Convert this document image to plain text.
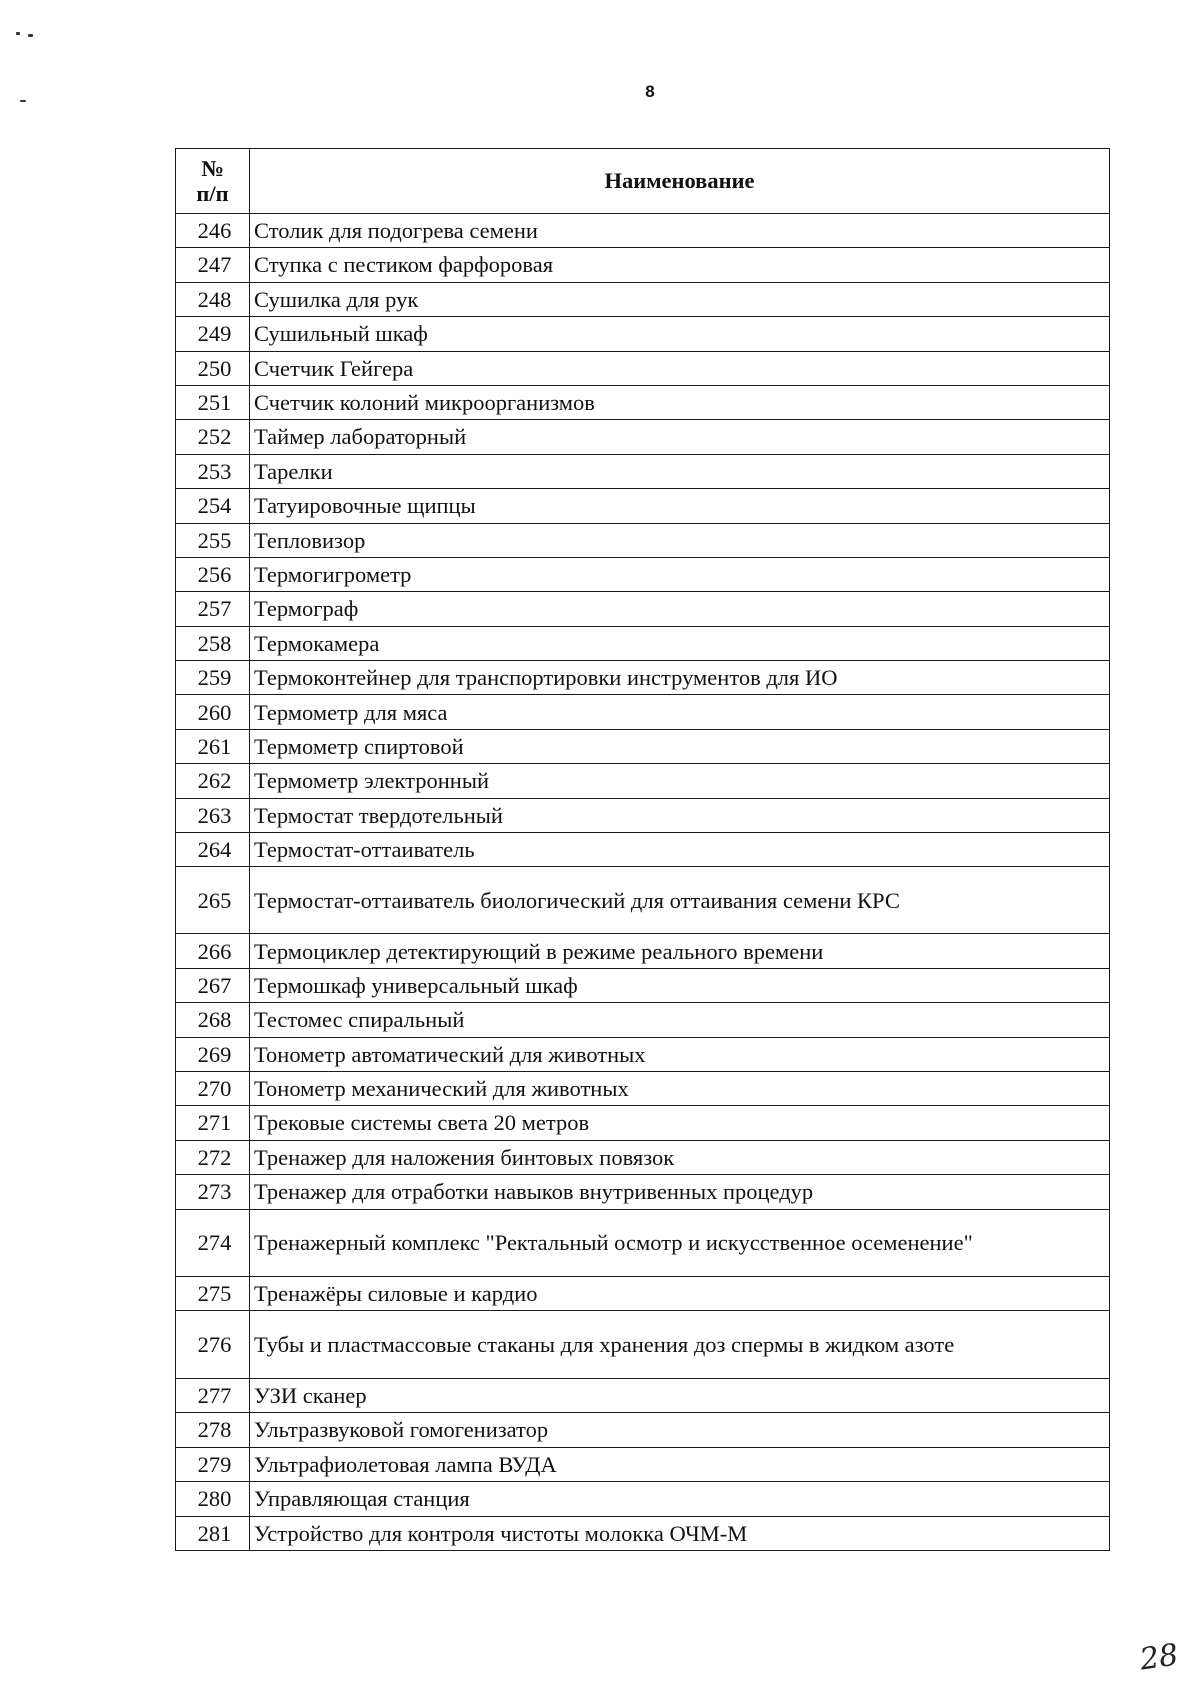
8
№
п/п	Наименование
246	Столик для подогрева семени
247	Ступка с пестиком фарфоровая
248	Сушилка для рук
249	Сушильный шкаф
250	Счетчик Гейгера
251	Счетчик колоний микроорганизмов
252	Таймер лабораторный
253	Тарелки
254	Татуировочные щипцы
255	Тепловизор
256	Термогигрометр
257	Термограф
258	Термокамера
259	Термоконтейнер для транспортировки инструментов для ИО
260	Термометр для мяса
261	Термометр спиртовой
262	Термометр электронный
263	Термостат твердотельный
264	Термостат-оттаиватель
265	Термостат-оттаиватель биологический для оттаивания семени КРС
266	Термоциклер детектирующий в режиме реального времени
267	Термошкаф универсальный шкаф
268	Тестомес спиральный
269	Тонометр автоматический для животных
270	Тонометр механический для животных
271	Трековые системы света 20 метров
272	Тренажер для наложения бинтовых повязок
273	Тренажер для отработки навыков внутривенных процедур
274	Тренажерный комплекс "Ректальный осмотр и искусственное осеменение"
275	Тренажёры силовые и кардио
276	Тубы и пластмассовые стаканы для хранения доз спермы в жидком азоте
277	УЗИ сканер
278	Ультразвуковой гомогенизатор
279	Ультрафиолетовая лампа ВУДА
280	Управляющая станция
281	Устройство для контроля чистоты молокка ОЧМ-М
28
